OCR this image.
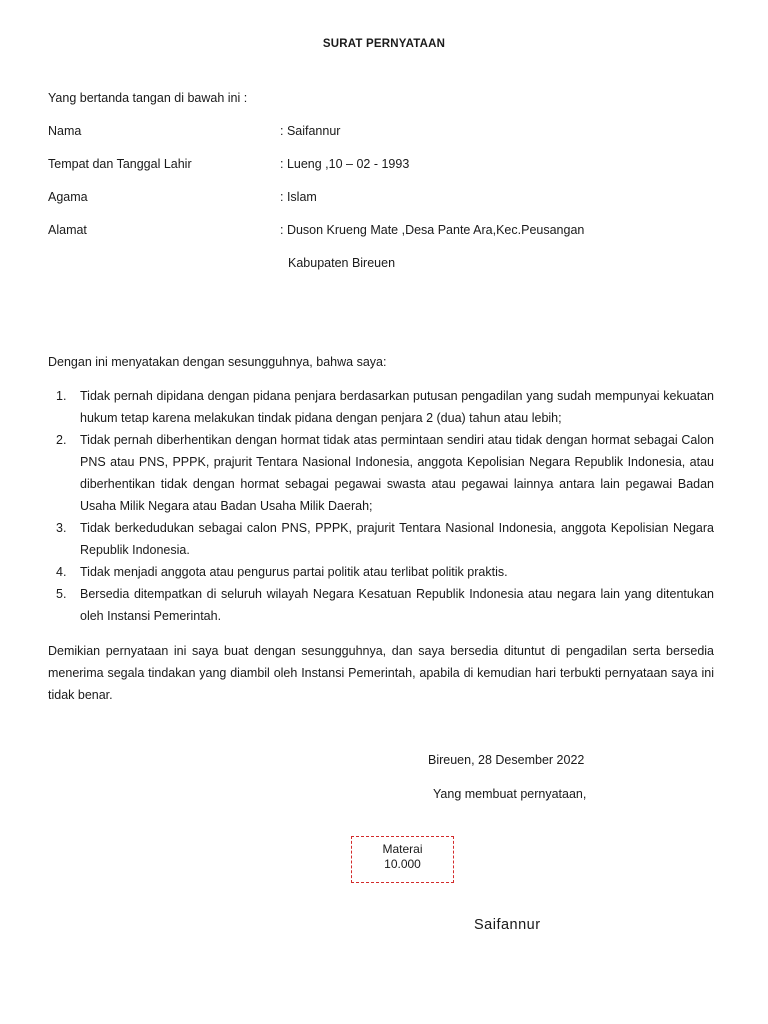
SURAT PERNYATAAN
Yang bertanda tangan di bawah ini :
Nama	: Saifannur
Tempat dan Tanggal Lahir	: Lueng ,10 – 02 - 1993
Agama	: Islam
Alamat	: Duson Krueng Mate ,Desa Pante Ara,Kec.Peusangan
Kabupaten Bireuen
Dengan ini menyatakan dengan sesungguhnya, bahwa saya:
1. Tidak pernah dipidana dengan pidana penjara berdasarkan putusan pengadilan yang sudah mempunyai kekuatan hukum tetap karena melakukan tindak pidana dengan penjara 2 (dua) tahun atau lebih;
2. Tidak pernah diberhentikan dengan hormat tidak atas permintaan sendiri atau tidak dengan hormat sebagai Calon PNS atau PNS, PPPK, prajurit Tentara Nasional Indonesia, anggota Kepolisian Negara Republik Indonesia, atau diberhentikan tidak dengan hormat sebagai pegawai swasta atau pegawai lainnya antara lain pegawai Badan Usaha Milik Negara atau Badan Usaha Milik Daerah;
3. Tidak berkedudukan sebagai calon PNS, PPPK, prajurit Tentara Nasional Indonesia, anggota Kepolisian Negara Republik Indonesia.
4. Tidak menjadi anggota atau pengurus partai politik atau terlibat politik praktis.
5. Bersedia ditempatkan di seluruh wilayah Negara Kesatuan Republik Indonesia atau negara lain yang ditentukan oleh Instansi Pemerintah.
Demikian pernyataan ini saya buat dengan sesungguhnya, dan saya bersedia dituntut di pengadilan serta bersedia menerima segala tindakan yang diambil oleh Instansi Pemerintah, apabila di kemudian hari terbukti pernyataan saya ini tidak benar.
Bireuen, 28 Desember 2022
Yang membuat pernyataan,
Materai
10.000
Saifannur
